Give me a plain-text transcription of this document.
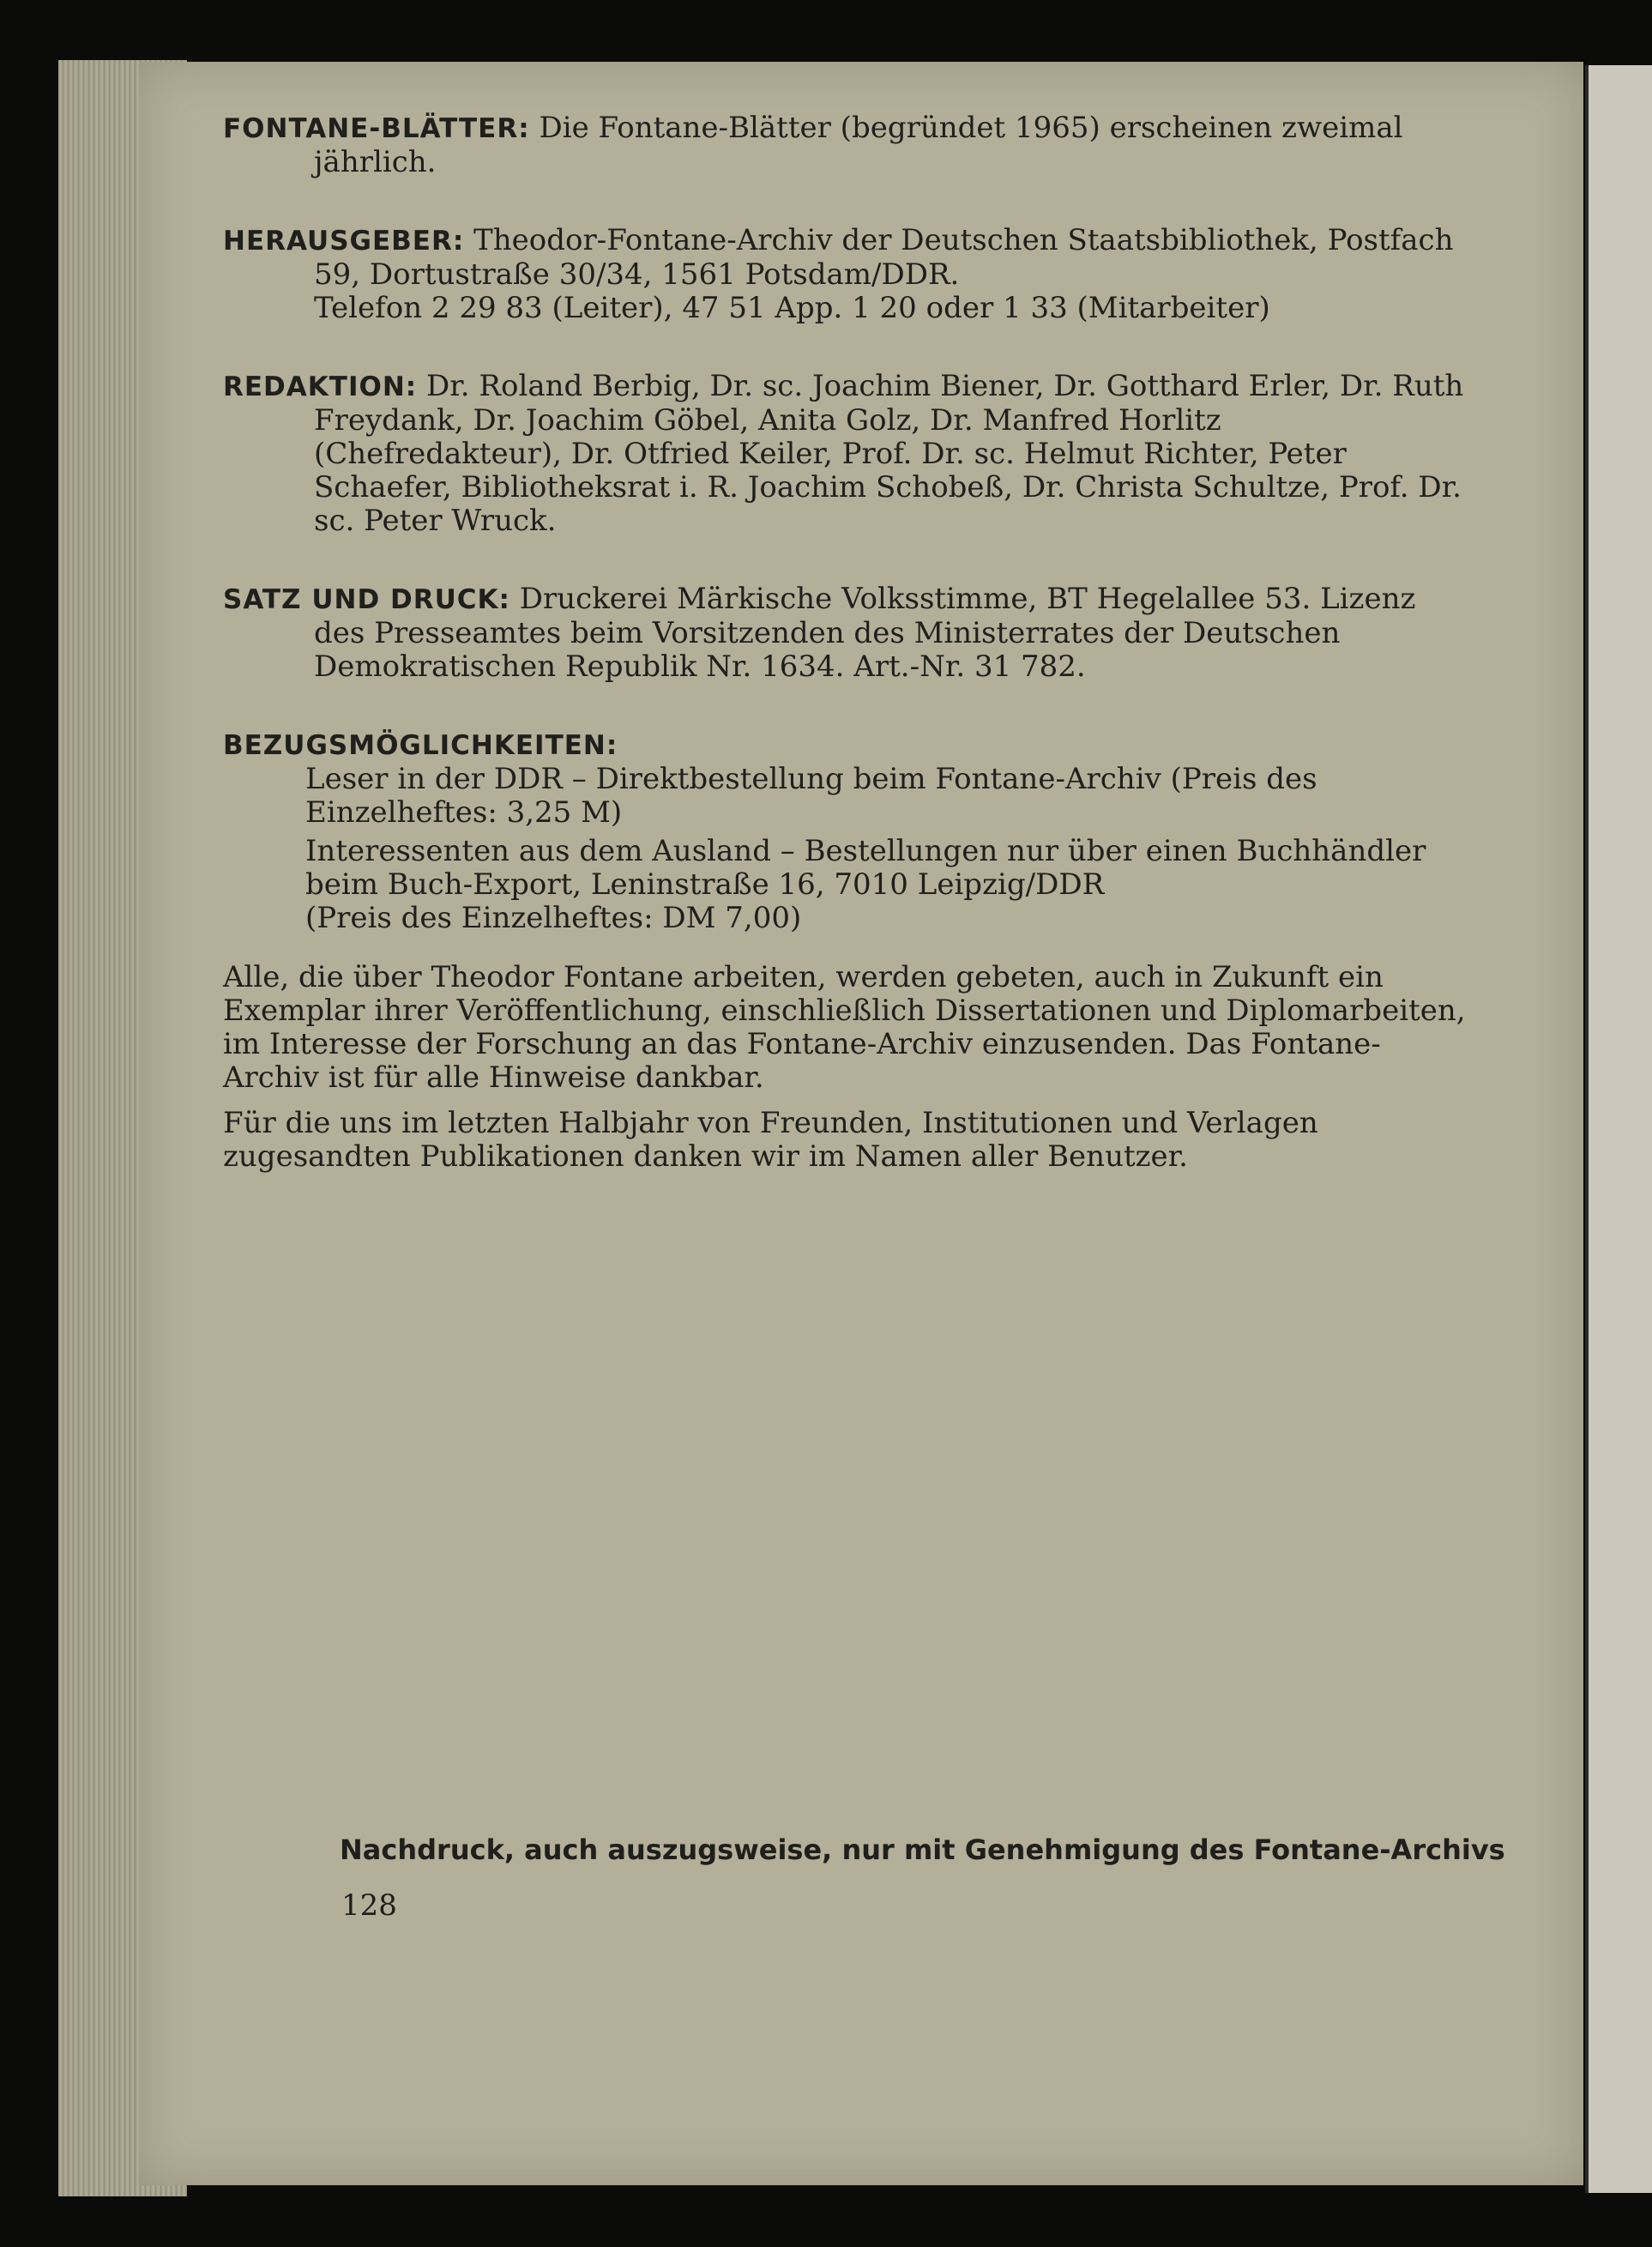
FONTANE-BLÄTTER: Die Fontane-Blätter (begründet 1965) erscheinen zweimal jährlich.
HERAUSGEBER: Theodor-Fontane-Archiv der Deutschen Staatsbibliothek, Postfach 59, Dortustraße 30/34, 1561 Potsdam/DDR.
Telefon 2 29 83 (Leiter), 47 51 App. 1 20 oder 1 33 (Mitarbeiter)
REDAKTION: Dr. Roland Berbig, Dr. sc. Joachim Biener, Dr. Gotthard Erler, Dr. Ruth Freydank, Dr. Joachim Göbel, Anita Golz, Dr. Manfred Horlitz (Chefredakteur), Dr. Otfried Keiler, Prof. Dr. sc. Helmut Richter, Peter Schaefer, Bibliotheksrat i. R. Joachim Schobeß, Dr. Christa Schultze, Prof. Dr. sc. Peter Wruck.
SATZ UND DRUCK: Druckerei Märkische Volksstimme, BT Hegelallee 53. Lizenz des Presseamtes beim Vorsitzenden des Ministerrates der Deutschen Demokratischen Republik Nr. 1634. Art.-Nr. 31 782.
BEZUGSMÖGLICHKEITEN:

Leser in der DDR – Direktbestellung beim Fontane-Archiv (Preis des Einzelheftes: 3,25 M)

Interessenten aus dem Ausland – Bestellungen nur über einen Buchhändler beim Buch-Export, Leninstraße 16, 7010 Leipzig/DDR

(Preis des Einzelheftes: DM 7,00)

Alle, die über Theodor Fontane arbeiten, werden gebeten, auch in Zukunft ein Exemplar ihrer Veröffentlichung, einschließlich Dissertationen und Diplomarbeiten, im Interesse der Forschung an das Fontane-Archiv einzusenden. Das Fontane-Archiv ist für alle Hinweise dankbar.

Für die uns im letzten Halbjahr von Freunden, Institutionen und Verlagen zugesandten Publikationen danken wir im Namen aller Benutzer.

Nachdruck, auch auszugsweise, nur mit Genehmigung des Fontane-Archivs
128
